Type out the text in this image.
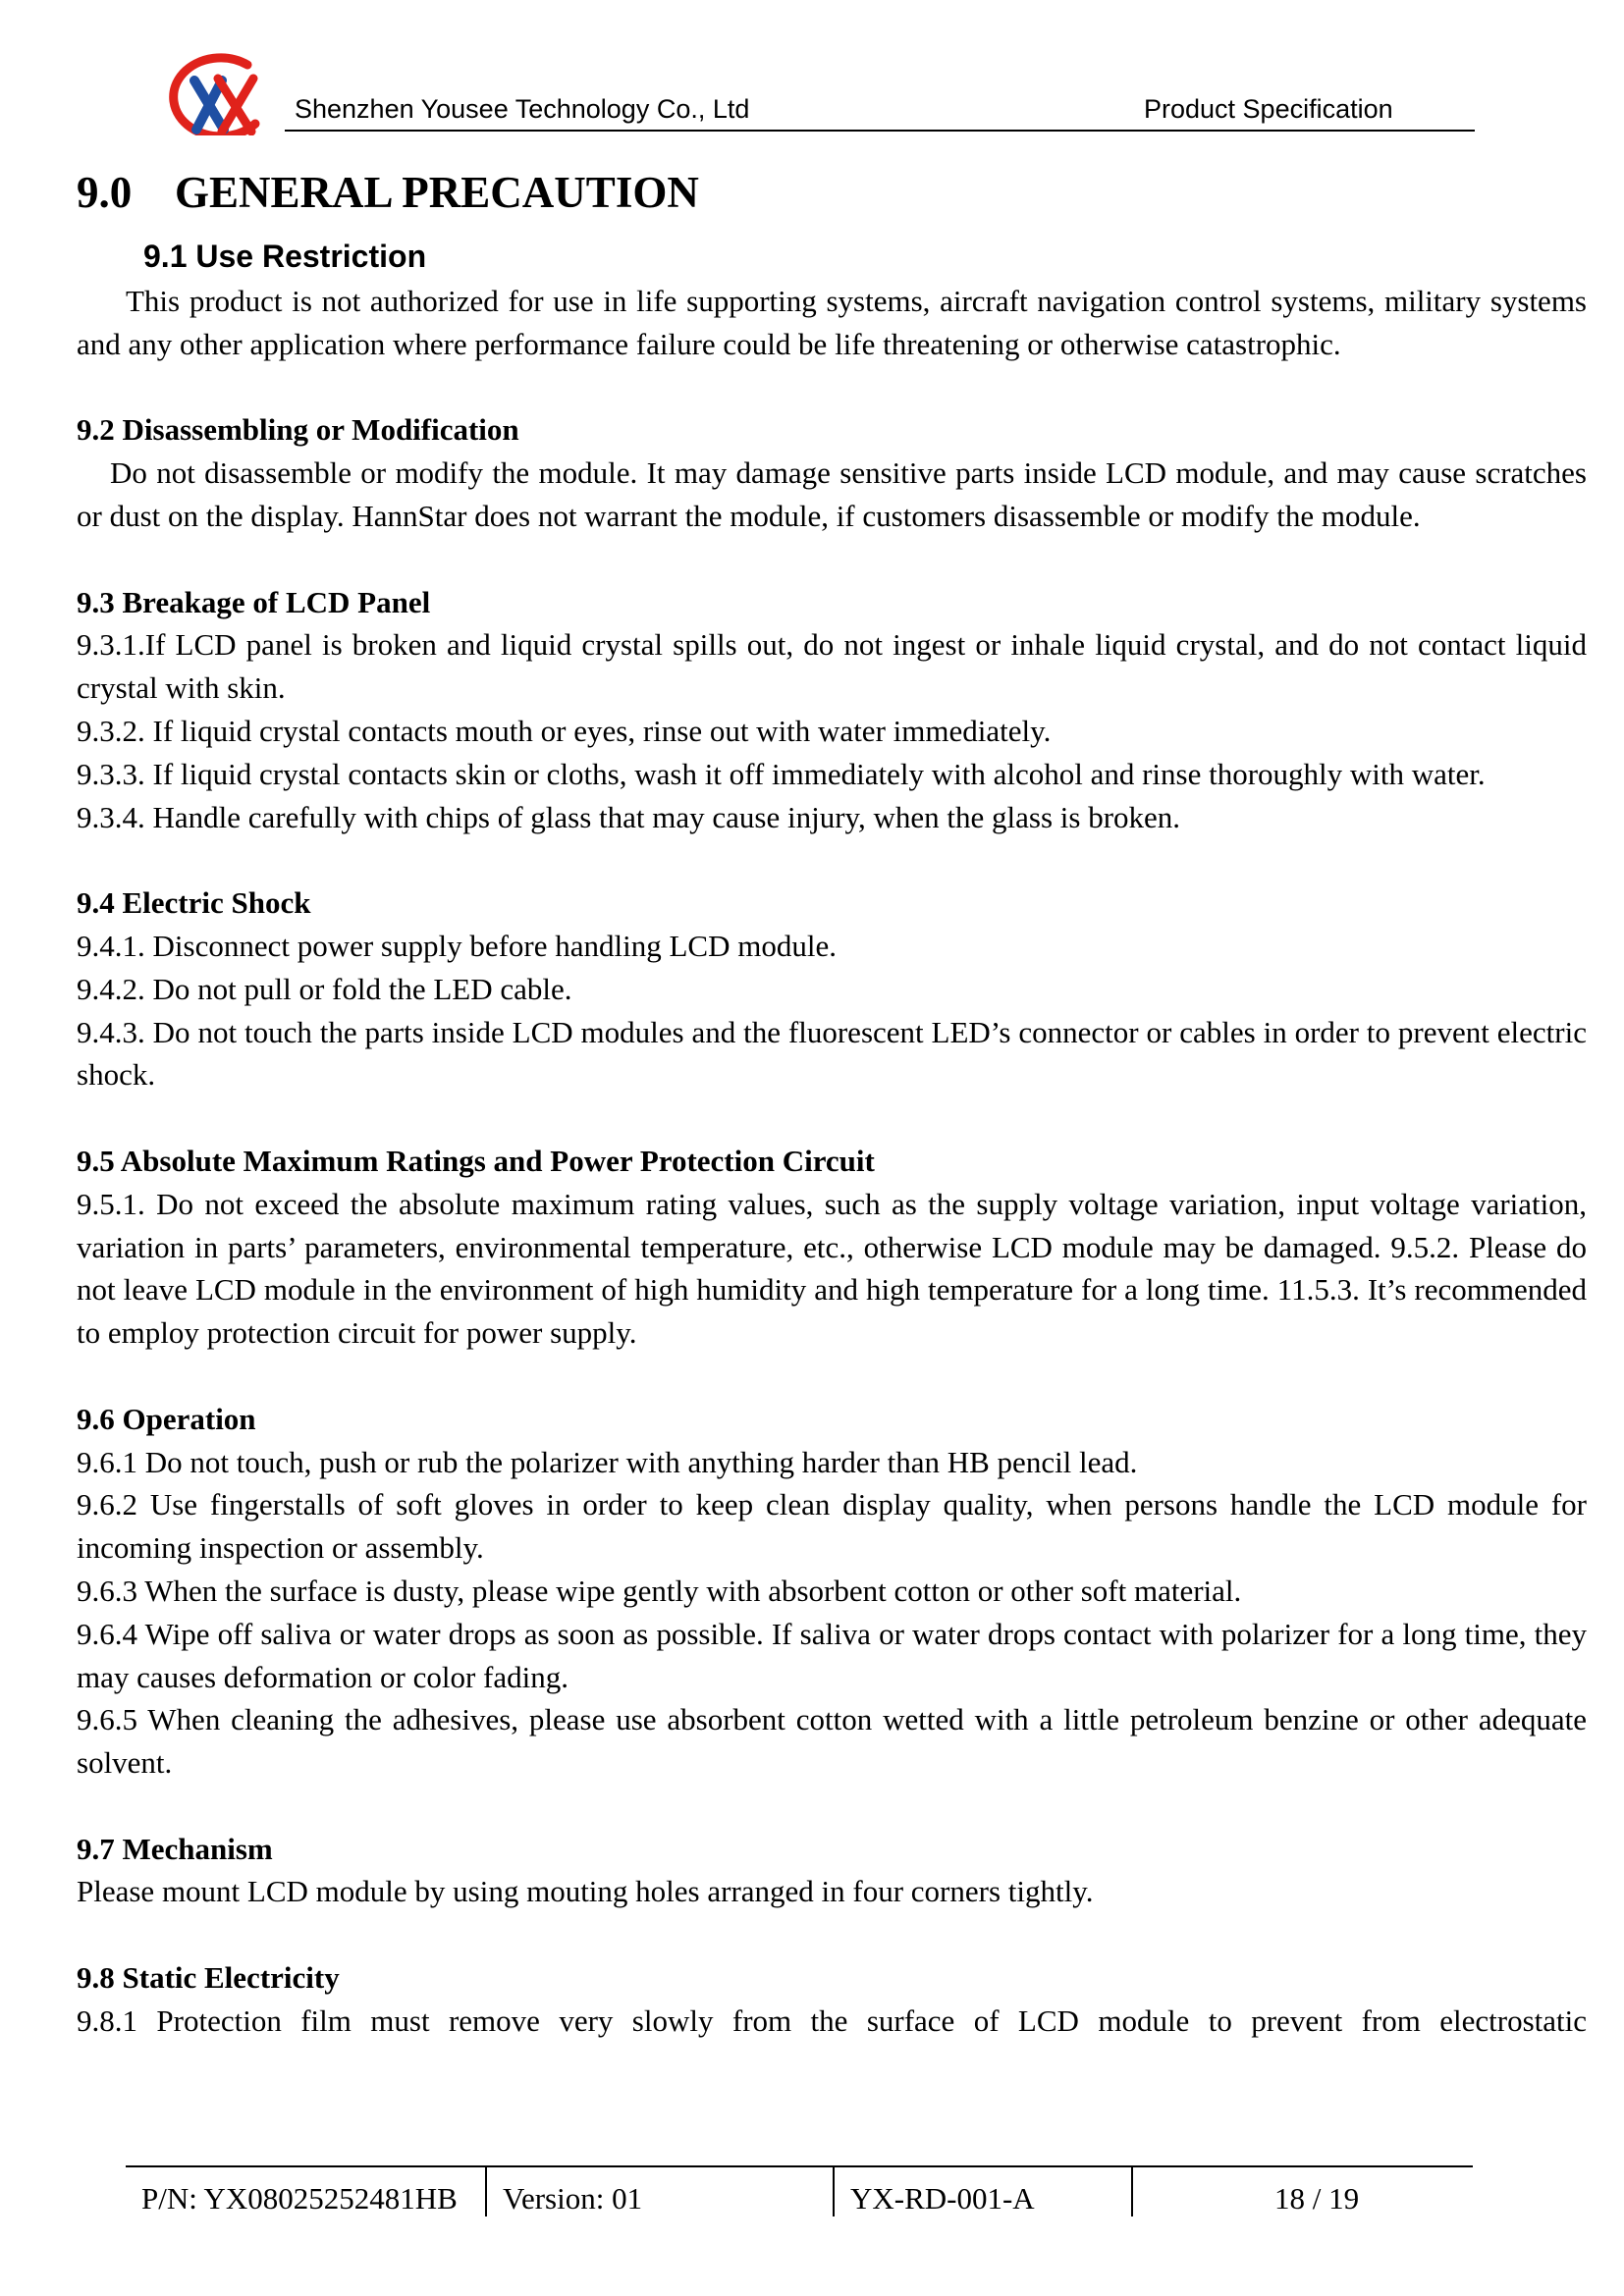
Shenzhen Yousee Technology Co., Ltd	Product Specification
9.0 GENERAL PRECAUTION
9.1 Use Restriction

This product is not authorized for use in life supporting systems, aircraft navigation control systems, military systems and any other application where performance failure could be life threatening or otherwise catastrophic.

9.2 Disassembling or Modification

Do not disassemble or modify the module. It may damage sensitive parts inside LCD module, and may cause scratches or dust on the display. HannStar does not warrant the module, if customers disassemble or modify the module.

9.3 Breakage of LCD Panel

9.3.1.If LCD panel is broken and liquid crystal spills out, do not ingest or inhale liquid crystal, and do not contact liquid crystal with skin.

9.3.2. If liquid crystal contacts mouth or eyes, rinse out with water immediately.

9.3.3. If liquid crystal contacts skin or cloths, wash it off immediately with alcohol and rinse thoroughly with water.

9.3.4. Handle carefully with chips of glass that may cause injury, when the glass is broken.

9.4 Electric Shock

9.4.1. Disconnect power supply before handling LCD module.

9.4.2. Do not pull or fold the LED cable.

9.4.3. Do not touch the parts inside LCD modules and the fluorescent LED’s connector or cables in order to prevent electric shock.

9.5 Absolute Maximum Ratings and Power Protection Circuit

9.5.1. Do not exceed the absolute maximum rating values, such as the supply voltage variation, input voltage variation, variation in parts’ parameters, environmental temperature, etc., otherwise LCD module may be damaged. 9.5.2. Please do not leave LCD module in the environment of high humidity and high temperature for a long time. 11.5.3. It’s recommended to employ protection circuit for power supply.

9.6 Operation

9.6.1 Do not touch, push or rub the polarizer with anything harder than HB pencil lead.

9.6.2 Use fingerstalls of soft gloves in order to keep clean display quality, when persons handle the LCD module for incoming inspection or assembly.

9.6.3 When the surface is dusty, please wipe gently with absorbent cotton or other soft material.

9.6.4 Wipe off saliva or water drops as soon as possible. If saliva or water drops contact with polarizer for a long time, they may causes deformation or color fading.

9.6.5 When cleaning the adhesives, please use absorbent cotton wetted with a little petroleum benzine or other adequate solvent.

9.7 Mechanism

Please mount LCD module by using mouting holes arranged in four corners tightly.

9.8 Static Electricity

9.8.1 Protection film must remove very slowly from the surface of LCD module to prevent from electrostatic

P/N: YX08025252481HB Version: 01	YX-RD-001-A	18 / 19
